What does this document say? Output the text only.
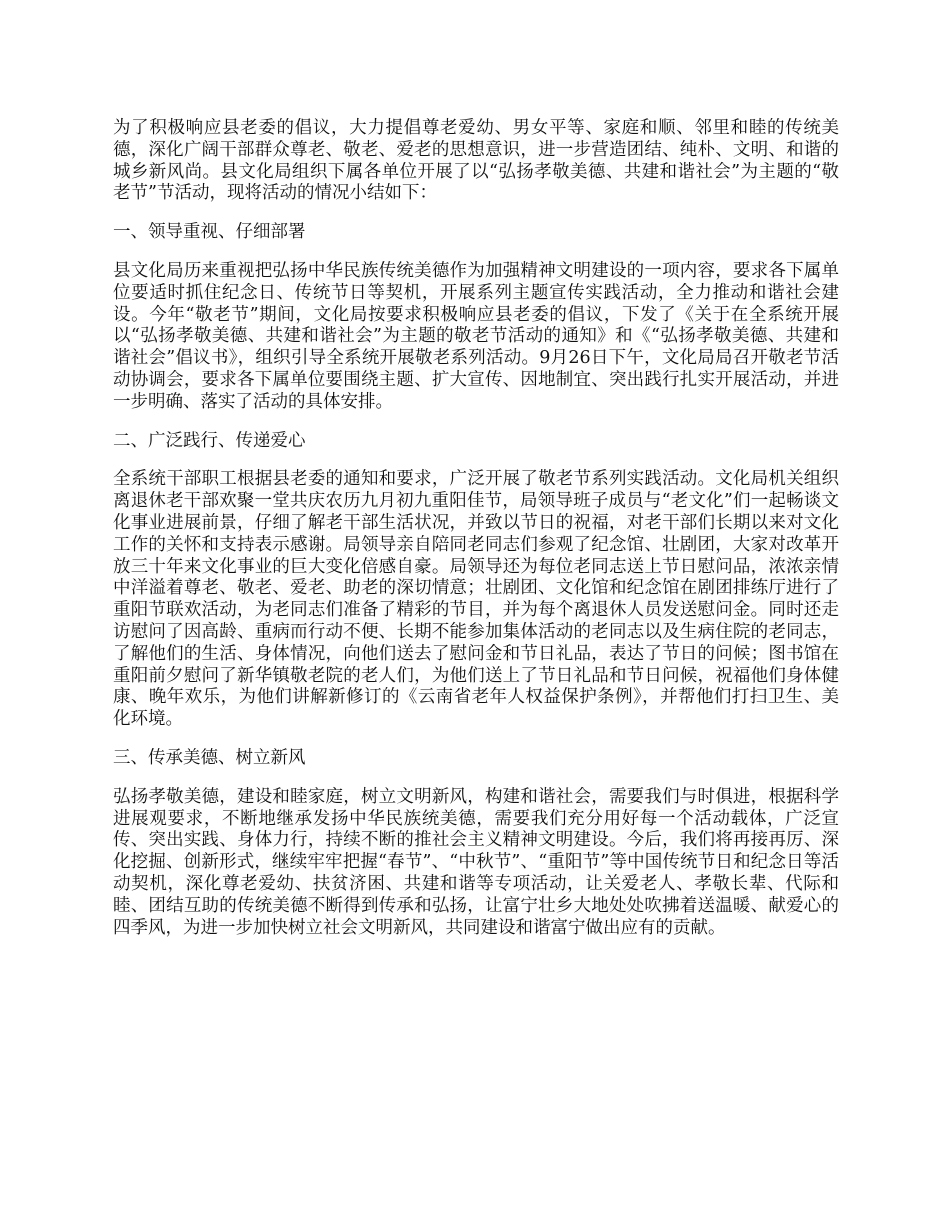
为了积极响应县老委的倡议，大力提倡尊老爱幼、男女平等、家庭和顺、邻里和睦的传统美德，深化广阔干部群众尊老、敬老、爱老的思想意识，进一步营造团结、纯朴、文明、和谐的城乡新风尚。县文化局组织下属各单位开展了以“弘扬孝敬美德、共建和谐社会”为主题的“敬老节”节活动，现将活动的情况小结如下：

一、领导重视、仔细部署

县文化局历来重视把弘扬中华民族传统美德作为加强精神文明建设的一项内容，要求各下属单位要适时抓住纪念日、传统节日等契机，开展系列主题宣传实践活动，全力推动和谐社会建设。今年“敬老节”期间，文化局按要求积极响应县老委的倡议，下发了《关于在全系统开展以“弘扬孝敬美德、共建和谐社会”为主题的敬老节活动的通知》和《“弘扬孝敬美德、共建和谐社会”倡议书》，组织引导全系统开展敬老系列活动。9月26日下午，文化局局召开敬老节活动协调会，要求各下属单位要围绕主题、扩大宣传、因地制宜、突出践行扎实开展活动，并进一步明确、落实了活动的具体安排。

二、广泛践行、传递爱心

全系统干部职工根据县老委的通知和要求，广泛开展了敬老节系列实践活动。文化局机关组织离退休老干部欢聚一堂共庆农历九月初九重阳佳节，局领导班子成员与“老文化”们一起畅谈文化事业进展前景，仔细了解老干部生活状况，并致以节日的祝福，对老干部们长期以来对文化工作的关怀和支持表示感谢。局领导亲自陪同老同志们参观了纪念馆、壮剧团，大家对改革开放三十年来文化事业的巨大变化倍感自豪。局领导还为每位老同志送上节日慰问品，浓浓亲情中洋溢着尊老、敬老、爱老、助老的深切情意；壮剧团、文化馆和纪念馆在剧团排练厅进行了重阳节联欢活动，为老同志们准备了精彩的节目，并为每个离退休人员发送慰问金。同时还走访慰问了因高龄、重病而行动不便、长期不能参加集体活动的老同志以及生病住院的老同志，了解他们的生活、身体情况，向他们送去了慰问金和节日礼品，表达了节日的问候；图书馆在重阳前夕慰问了新华镇敬老院的老人们，为他们送上了节日礼品和节日问候，祝福他们身体健康、晚年欢乐，为他们讲解新修订的《云南省老年人权益保护条例》，并帮他们打扫卫生、美化环境。

三、传承美德、树立新风

弘扬孝敬美德，建设和睦家庭，树立文明新风，构建和谐社会，需要我们与时俱进，根据科学进展观要求，不断地继承发扬中华民族统美德，需要我们充分用好每一个活动载体，广泛宣传、突出实践、身体力行，持续不断的推社会主义精神文明建设。今后，我们将再接再厉、深化挖掘、创新形式，继续牢牢把握“春节”、“中秋节”、“重阳节”等中国传统节日和纪念日等活动契机，深化尊老爱幼、扶贫济困、共建和谐等专项活动，让关爱老人、孝敬长辈、代际和睦、团结互助的传统美德不断得到传承和弘扬，让富宁壮乡大地处处吹拂着送温暖、献爱心的四季风，为进一步加快树立社会文明新风，共同建设和谐富宁做出应有的贡献。
